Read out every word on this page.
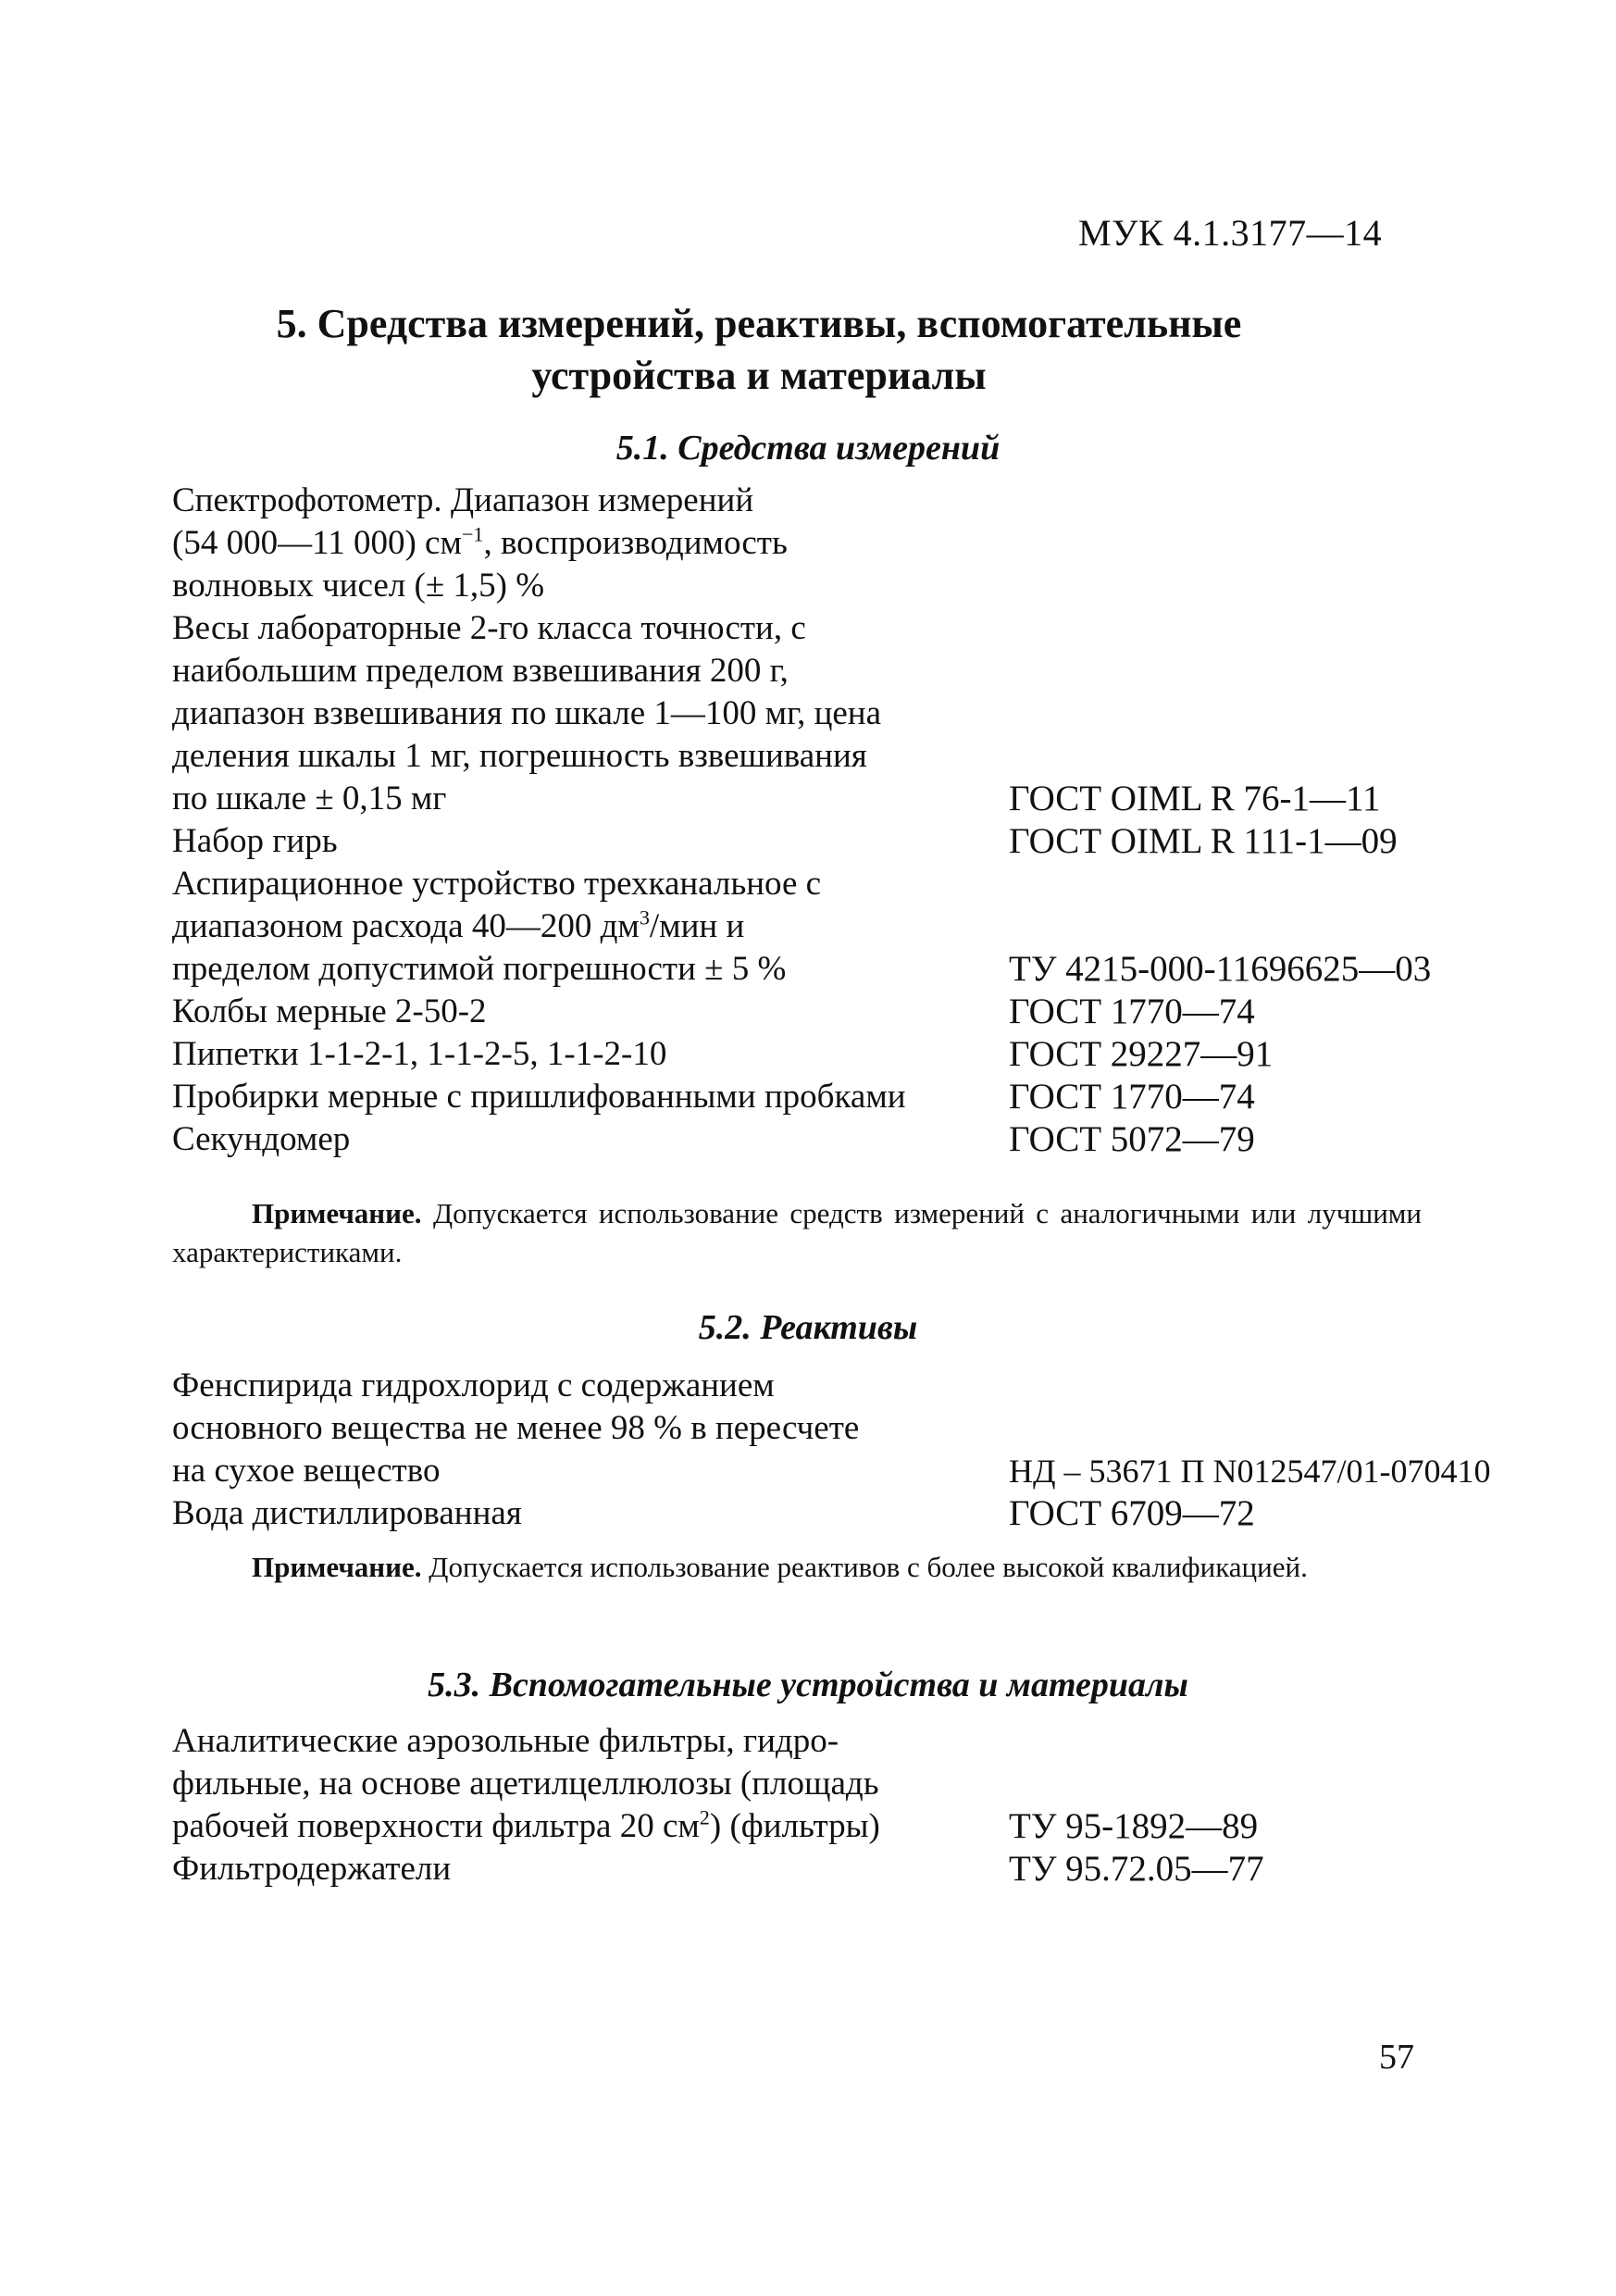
МУК 4.1.3177—14
5. Средства измерений, реактивы, вспомогательные
устройства и материалы
5.1. Средства измерений
Спектрофотометр. Диапазон измерений
(54 000—11 000) $см^{-1}$, воспроизводимость
волновых чисел (± 1,5) %
Весы лабораторные 2-го класса точности, с
наибольшим пределом взвешивания 200 г,
диапазон взвешивания по шкале 1—100 мг, цена
деления шкалы 1 мг, погрешность взвешивания
по шкале ± 0,15 мг	ГОСТ OIML R 76-1—11
Набор гирь	ГОСТ OIML R 111-1—09
Аспирационное устройство трехканальное с
диапазоном расхода 40—200 $дм^3$/мин и
пределом допустимой погрешности ± 5 %	ТУ 4215-000-11696625—03
Колбы мерные 2-50-2	ГОСТ 1770—74
Пипетки 1-1-2-1, 1-1-2-5, 1-1-2-10	ГОСТ 29227—91
Пробирки мерные с пришлифованными пробками	ГОСТ 1770—74
Секундомер	ГОСТ 5072—79
Примечание. Допускается использование средств измерений с аналогичными или лучшими характеристиками.
5.2. Реактивы
Фенспирида гидрохлорид с содержанием
основного вещества не менее 98 % в пересчете
на сухое вещество	НД – 53671 П N012547/01-070410
Вода дистиллированная	ГОСТ 6709—72
Примечание. Допускается использование реактивов с более высокой квалификацией.
5.3. Вспомогательные устройства и материалы
Аналитические аэрозольные фильтры, гидро-
фильные, на основе ацетилцеллюлозы (площадь
рабочей поверхности фильтра 20 $см^2$) (фильтры)	ТУ 95-1892—89
Фильтродержатели	ТУ 95.72.05—77
57
